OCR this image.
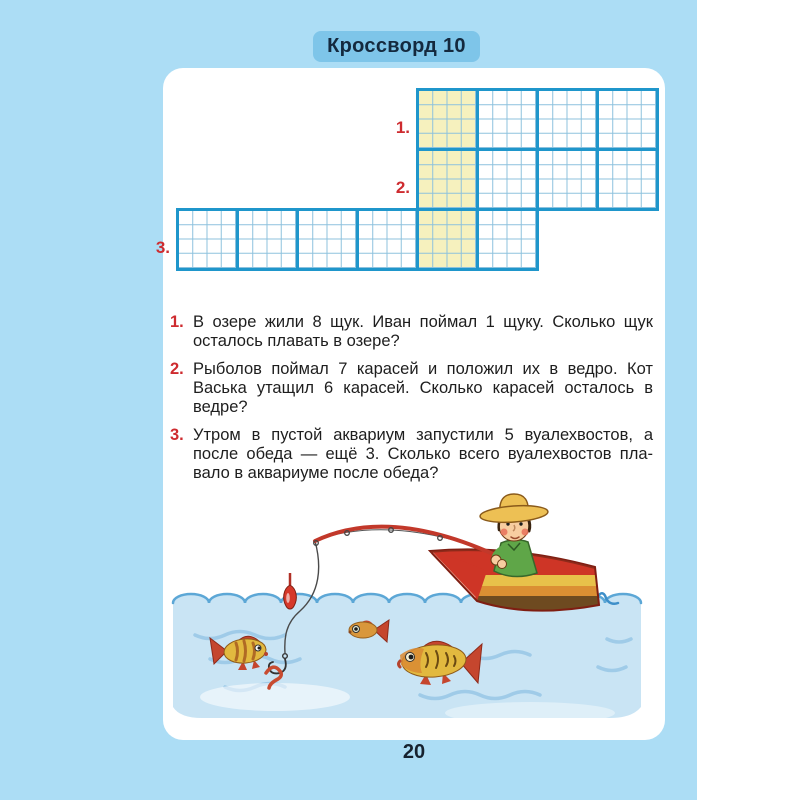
Кроссворд 10
1.
2.
3.
1. В озере жили 8 щук. Иван поймал 1 щуку. Сколько щук
осталось плавать в озере?
2. Рыболов поймал 7 карасей и положил их в ведро. Кот
Васька утащил 6 карасей. Сколько карасей осталось в
ведре?
3. Утром в пустой аквариум запустили 5 вуалехвостов, а
после обеда — ещё 3. Сколько всего вуалехвостов пла-
вало в аквариуме после обеда?
20
